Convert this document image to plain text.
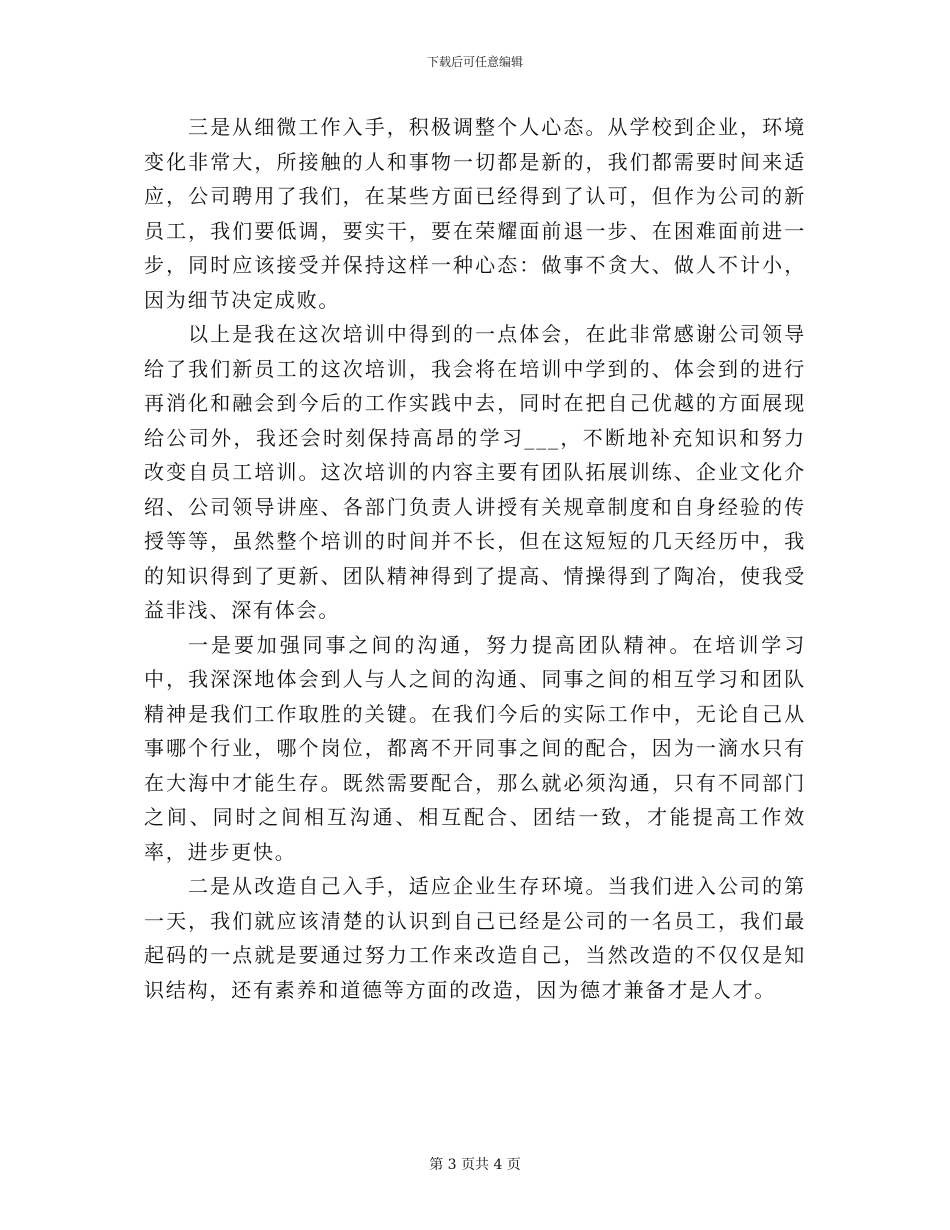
下载后可任意编辑

三是从细微工作入手，积极调整个人心态。从学校到企业，环境变化非常大，所接触的人和事物一切都是新的，我们都需要时间来适应，公司聘用了我们，在某些方面已经得到了认可，但作为公司的新员工，我们要低调，要实干，要在荣耀面前退一步、在困难面前进一步，同时应该接受并保持这样一种心态：做事不贪大、做人不计小，因为细节决定成败。

以上是我在这次培训中得到的一点体会，在此非常感谢公司领导给了我们新员工的这次培训，我会将在培训中学到的、体会到的进行再消化和融会到今后的工作实践中去，同时在把自己优越的方面展现给公司外，我还会时刻保持高昂的学习___，不断地补充知识和努力改变自员工培训。这次培训的内容主要有团队拓展训练、企业文化介绍、公司领导讲座、各部门负责人讲授有关规章制度和自身经验的传授等等，虽然整个培训的时间并不长，但在这短短的几天经历中，我的知识得到了更新、团队精神得到了提高、情操得到了陶冶，使我受益非浅、深有体会。

一是要加强同事之间的沟通，努力提高团队精神。在培训学习中，我深深地体会到人与人之间的沟通、同事之间的相互学习和团队精神是我们工作取胜的关键。在我们今后的实际工作中，无论自己从事哪个行业，哪个岗位，都离不开同事之间的配合，因为一滴水只有在大海中才能生存。既然需要配合，那么就必须沟通，只有不同部门之间、同时之间相互沟通、相互配合、团结一致，才能提高工作效率，进步更快。

二是从改造自己入手，适应企业生存环境。当我们进入公司的第一天，我们就应该清楚的认识到自己已经是公司的一名员工，我们最起码的一点就是要通过努力工作来改造自己，当然改造的不仅仅是知识结构，还有素养和道德等方面的改造，因为德才兼备才是人才。

第 3 页共 4 页
